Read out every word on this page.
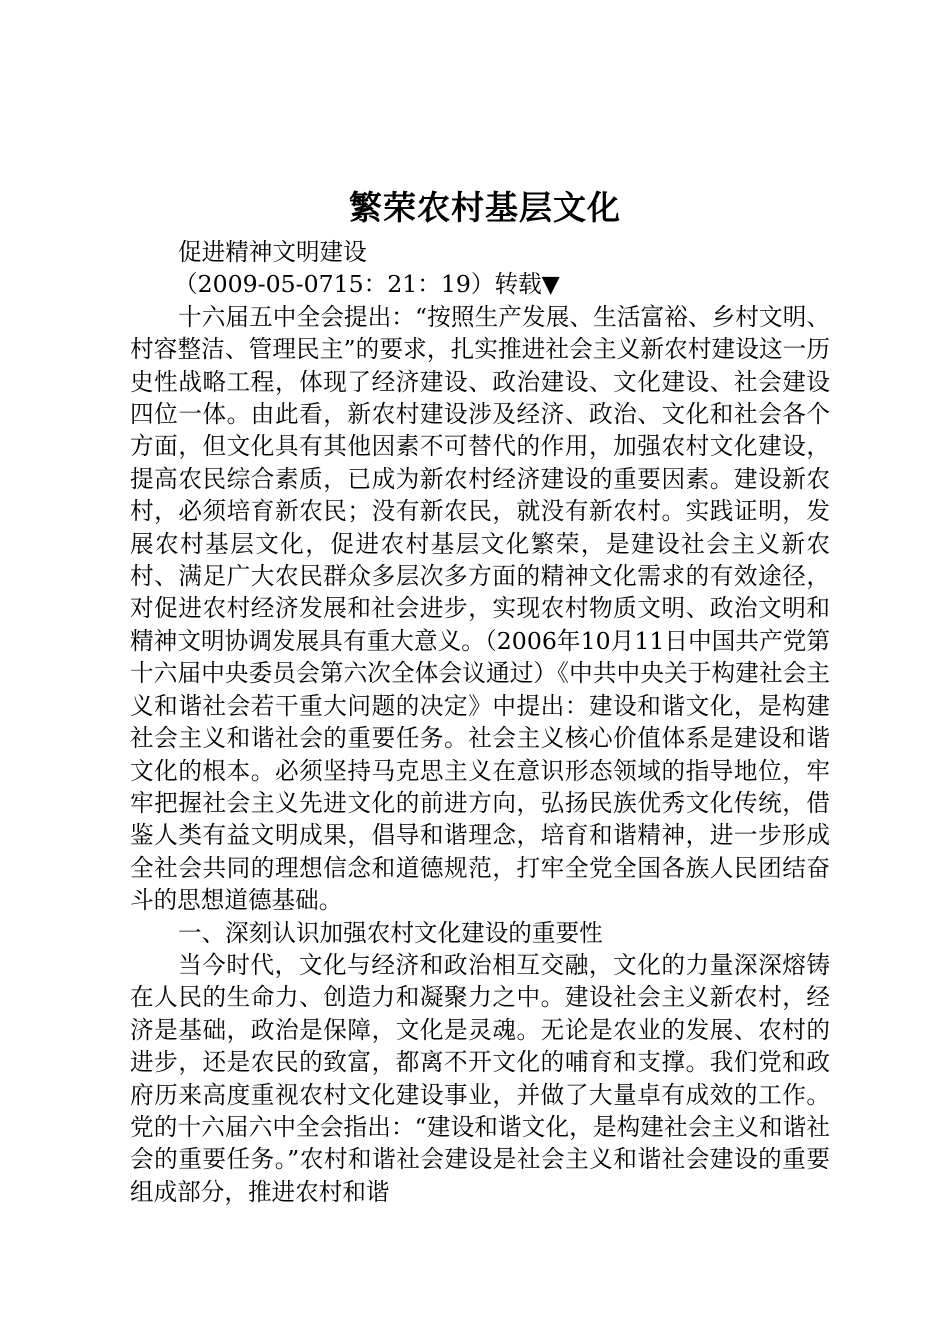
繁荣农村基层文化

促进精神文明建设

（2009-05-0715：21：19）转载▼

十六届五中全会提出：“按照生产发展、生活富裕、乡村文明、村容整洁、管理民主”的要求，扎实推进社会主义新农村建设这一历史性战略工程，体现了经济建设、政治建设、文化建设、社会建设四位一体。由此看，新农村建设涉及经济、政治、文化和社会各个方面，但文化具有其他因素不可替代的作用，加强农村文化建设，提高农民综合素质，已成为新农村经济建设的重要因素。建设新农村，必须培育新农民；没有新农民，就没有新农村。实践证明，发展农村基层文化，促进农村基层文化繁荣，是建设社会主义新农村、满足广大农民群众多层次多方面的精神文化需求的有效途径，对促进农村经济发展和社会进步，实现农村物质文明、政治文明和精神文明协调发展具有重大意义。（2006年10月11日中国共产党第十六届中央委员会第六次全体会议通过）《中共中央关于构建社会主义和谐社会若干重大问题的决定》中提出：建设和谐文化，是构建社会主义和谐社会的重要任务。社会主义核心价值体系是建设和谐文化的根本。必须坚持马克思主义在意识形态领域的指导地位，牢牢把握社会主义先进文化的前进方向，弘扬民族优秀文化传统，借鉴人类有益文明成果，倡导和谐理念，培育和谐精神，进一步形成全社会共同的理想信念和道德规范，打牢全党全国各族人民团结奋斗的思想道德基础。

一、深刻认识加强农村文化建设的重要性

当今时代，文化与经济和政治相互交融，文化的力量深深熔铸在人民的生命力、创造力和凝聚力之中。建设社会主义新农村，经济是基础，政治是保障，文化是灵魂。无论是农业的发展、农村的进步，还是农民的致富，都离不开文化的哺育和支撑。我们党和政府历来高度重视农村文化建设事业，并做了大量卓有成效的工作。党的十六届六中全会指出：“建设和谐文化，是构建社会主义和谐社会的重要任务。”农村和谐社会建设是社会主义和谐社会建设的重要组成部分，推进农村和谐
